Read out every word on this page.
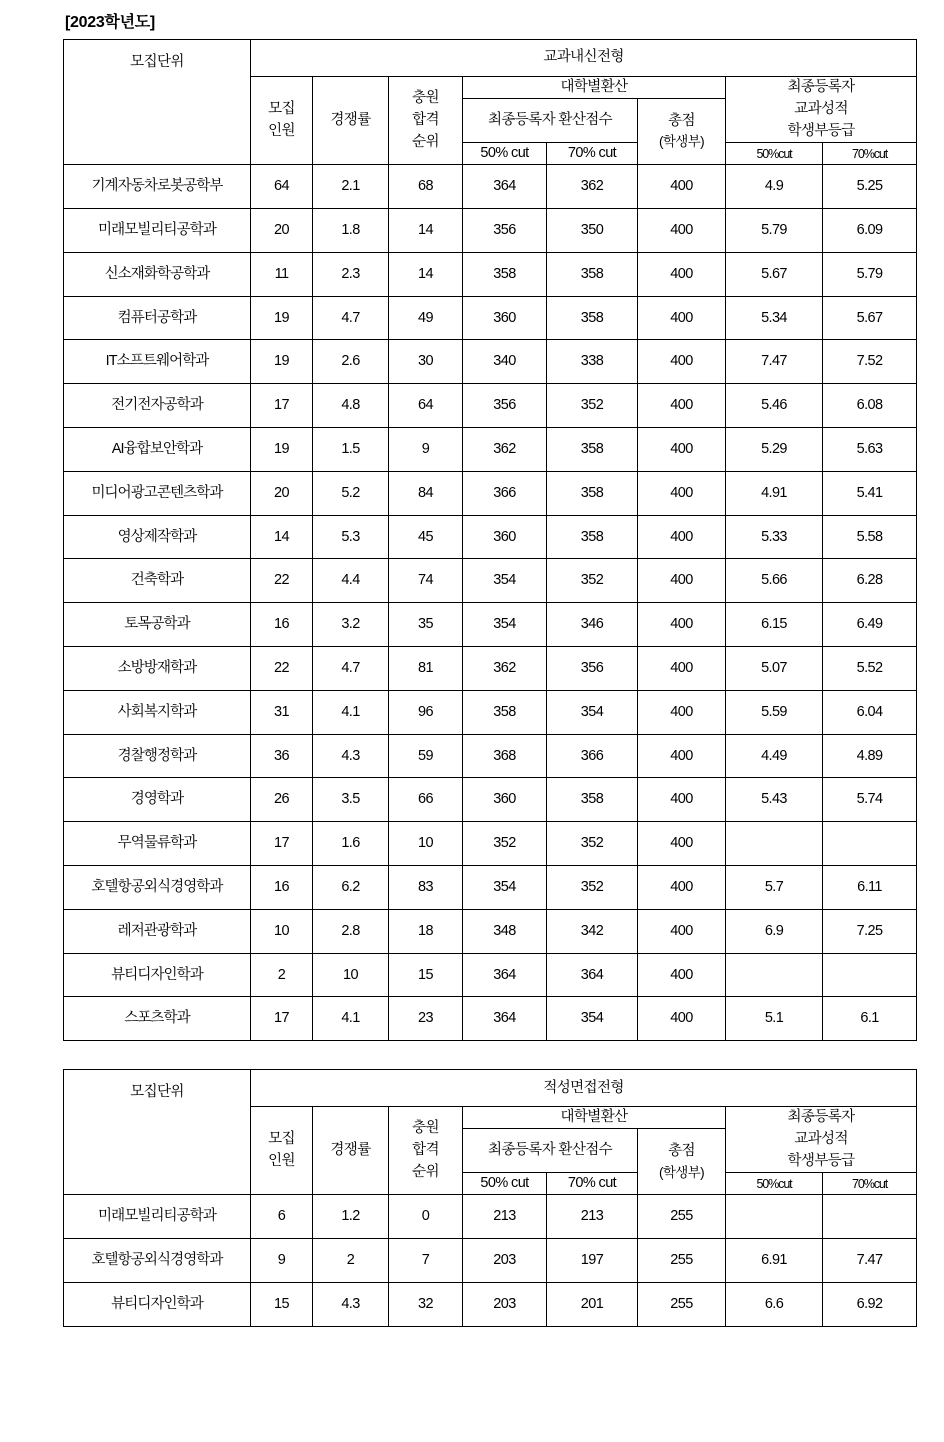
[2023학년도]
모집단위	교과내신전형							

	모집
인원	경쟁률	충원
합격
순위	대학별환산			최종등록자
교과성적
학생부등급	

				최종등록자 환산점수		총점
(학생부)		

				50% cut	70% cut		50%cut	70%cut
기계자동차로봇공학부	64	2.1	68	364	362	400	4.9	5.25
미래모빌리티공학과	20	1.8	14	356	350	400	5.79	6.09
신소재화학공학과	11	2.3	14	358	358	400	5.67	5.79
컴퓨터공학과	19	4.7	49	360	358	400	5.34	5.67
IT소프트웨어학과	19	2.6	30	340	338	400	7.47	7.52
전기전자공학과	17	4.8	64	356	352	400	5.46	6.08
AI융합보안학과	19	1.5	9	362	358	400	5.29	5.63
미디어광고콘텐츠학과	20	5.2	84	366	358	400	4.91	5.41
영상제작학과	14	5.3	45	360	358	400	5.33	5.58
건축학과	22	4.4	74	354	352	400	5.66	6.28
토목공학과	16	3.2	35	354	346	400	6.15	6.49
소방방재학과	22	4.7	81	362	356	400	5.07	5.52
사회복지학과	31	4.1	96	358	354	400	5.59	6.04
경찰행정학과	36	4.3	59	368	366	400	4.49	4.89
경영학과	26	3.5	66	360	358	400	5.43	5.74
무역물류학과	17	1.6	10	352	352	400		
호텔항공외식경영학과	16	6.2	83	354	352	400	5.7	6.11
레저관광학과	10	2.8	18	348	342	400	6.9	7.25
뷰티디자인학과	2	10	15	364	364	400		
스포츠학과	17	4.1	23	364	354	400	5.1	6.1
모집단위	적성면접전형							

	모집
인원	경쟁률	충원
합격
순위	대학별환산			최종등록자
교과성적
학생부등급	

				최종등록자 환산점수		총점
(학생부)		

				50% cut	70% cut		50%cut	70%cut
미래모빌리티공학과	6	1.2	0	213	213	255		
호텔항공외식경영학과	9	2	7	203	197	255	6.91	7.47
뷰티디자인학과	15	4.3	32	203	201	255	6.6	6.92
